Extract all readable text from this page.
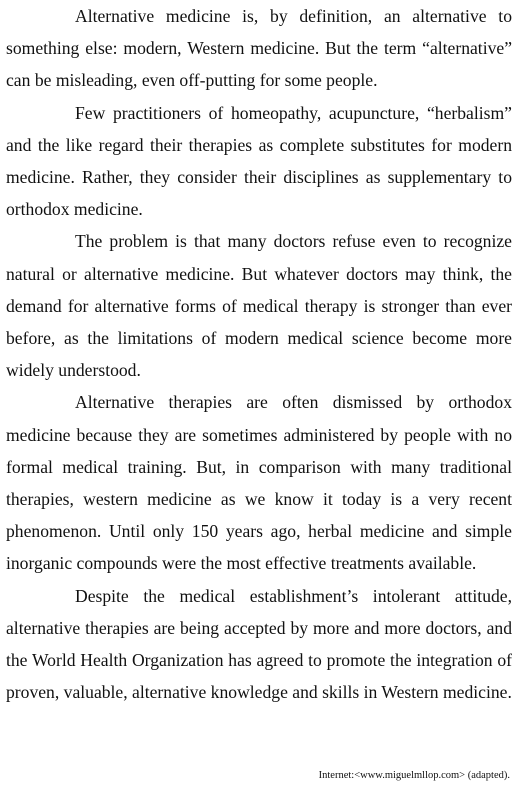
Alternative medicine is, by definition, an alternative to something else: modern, Western medicine. But the term “alternative” can be misleading, even off-putting for some people.

Few practitioners of homeopathy, acupuncture, “herbalism” and the like regard their therapies as complete substitutes for modern medicine. Rather, they consider their disciplines as supplementary to orthodox medicine.

The problem is that many doctors refuse even to recognize natural or alternative medicine. But whatever doctors may think, the demand for alternative forms of medical therapy is stronger than ever before, as the limitations of modern medical science become more widely understood.

Alternative therapies are often dismissed by orthodox medicine because they are sometimes administered by people with no formal medical training. But, in comparison with many traditional therapies, western medicine as we know it today is a very recent phenomenon. Until only 150 years ago, herbal medicine and simple inorganic compounds were the most effective treatments available.

Despite the medical establishment’s intolerant attitude, alternative therapies are being accepted by more and more doctors, and the World Health Organization has agreed to promote the integration of proven, valuable, alternative knowledge and skills in Western medicine.

Internet:<www.miguelmllop.com> (adapted).
